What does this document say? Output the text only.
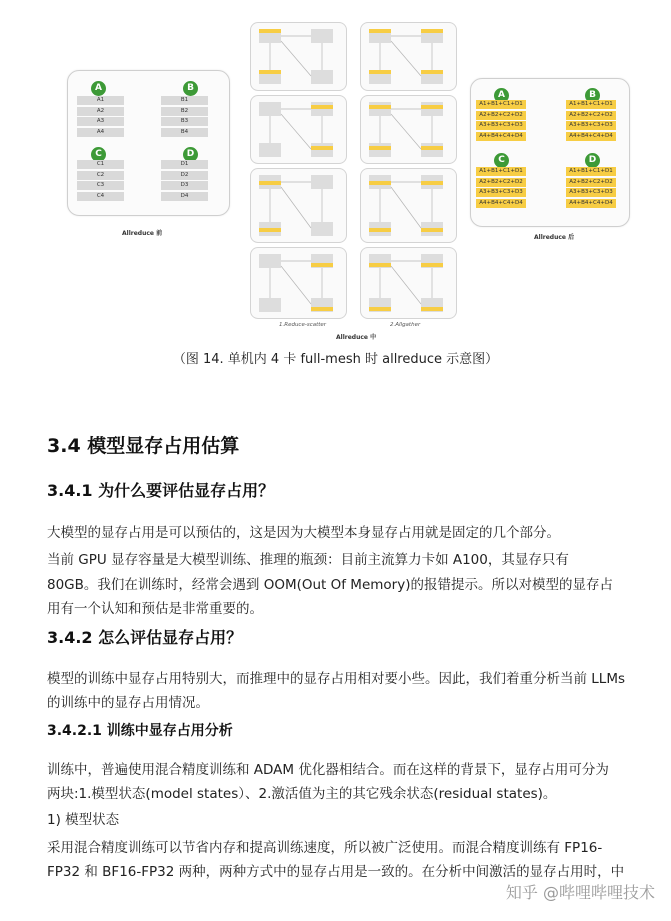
Allreduce 前
1.Reduce-scatter	2.Allgather
Allreduce 中
Allreduce 后
A
A1
A2
A3
A4
B
B1
B2
B3
B4
C
C1
C2
C3
C4
D
D1
D2
D3
D4
A
A1+B1+C1+D1
A2+B2+C2+D2
A3+B3+C3+D3
A4+B4+C4+D4
B
A1+B1+C1+D1
A2+B2+C2+D2
A3+B3+C3+D3
A4+B4+C4+D4
C
A1+B1+C1+D1
A2+B2+C2+D2
A3+B3+C3+D3
A4+B4+C4+D4
D
A1+B1+C1+D1
A2+B2+C2+D2
A3+B3+C3+D3
A4+B4+C4+D4
（图 14. 单机内 4 卡 full-mesh 时 allreduce 示意图）
3.4 模型显存占用估算
3.4.1 为什么要评估显存占用？
大模型的显存占用是可以预估的，这是因为大模型本身显存占用就是固定的几个部分。
当前 GPU 显存容量是大模型训练、推理的瓶颈：目前主流算力卡如 A100，其显存只有
80GB。我们在训练时，经常会遇到 OOM(Out Of Memory)的报错提示。所以对模型的显存占
用有一个认知和预估是非常重要的。
3.4.2 怎么评估显存占用？
模型的训练中显存占用特别大，而推理中的显存占用相对要小些。因此，我们着重分析当前 LLMs
的训练中的显存占用情况。
3.4.2.1 训练中显存占用分析
训练中，普遍使用混合精度训练和 ADAM 优化器相结合。而在这样的背景下，显存占用可分为
两块:1.模型状态(model states）、2.激活值为主的其它残余状态(residual states)。
1) 模型状态
采用混合精度训练可以节省内存和提高训练速度，所以被广泛使用。而混合精度训练有 FP16-
FP32 和 BF16-FP32 两种，两种方式中的显存占用是一致的。在分析中间激活的显存占用时，中
知乎 @哔哩哔哩技术
